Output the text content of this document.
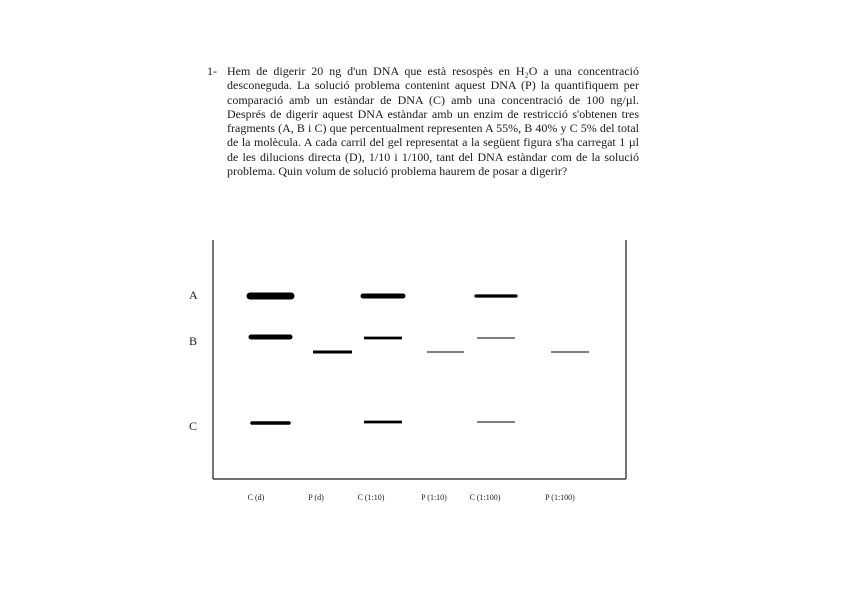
1- Hem de digerir 20 ng d'un DNA que està resospès en H₂O a una concentració desconeguda. La solució problema contenint aquest DNA (P) la quantifiquem per comparació amb un estàndar de DNA (C) amb una concentració de 100 ng/µl. Després de digerir aquest DNA estàndar amb un enzim de restricció s'obtenen tres fragments (A, B i C) que percentualment representen A 55%, B 40% y C 5% del total de la molècula. A cada carril del gel representat a la següent figura s'ha carregat 1 µl de les dilucions directa (D), 1/10 i 1/100, tant del DNA estàndar com de la solució problema. Quin volum de solució problema haurem de posar a digerir?

A
B
C
C (d)	P (d)	C (1:10)	P (1:10)	C (1:100)	P (1:100)
